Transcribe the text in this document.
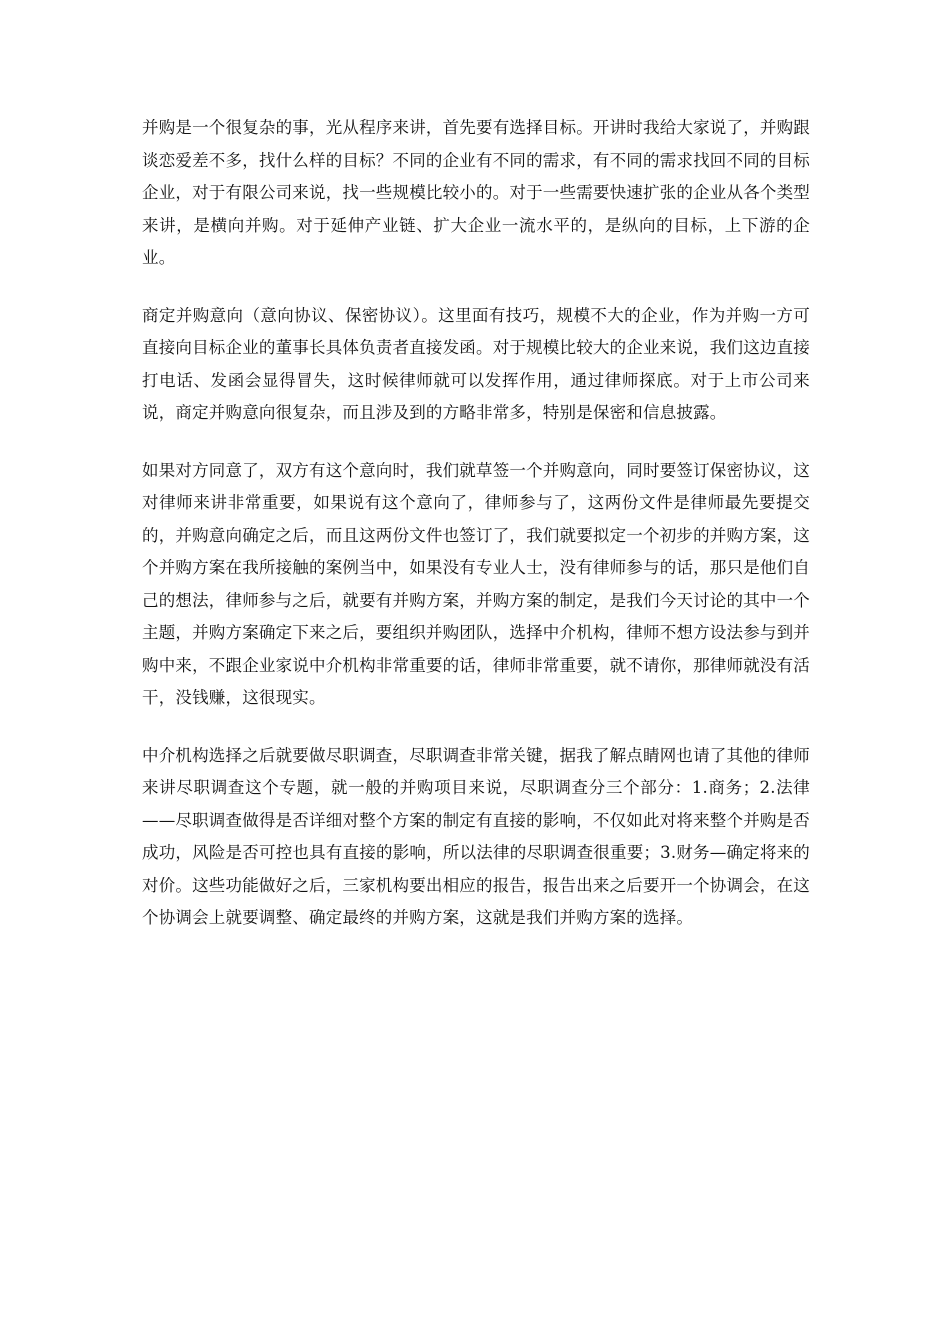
并购是一个很复杂的事，光从程序来讲，首先要有选择目标。开讲时我给大家说了，并购跟谈恋爱差不多，找什么样的目标？不同的企业有不同的需求，有不同的需求找回不同的目标企业，对于有限公司来说，找一些规模比较小的。对于一些需要快速扩张的企业从各个类型来讲，是横向并购。对于延伸产业链、扩大企业一流水平的，是纵向的目标，上下游的企业。

商定并购意向（意向协议、保密协议）。这里面有技巧，规模不大的企业，作为并购一方可直接向目标企业的董事长具体负责者直接发函。对于规模比较大的企业来说，我们这边直接打电话、发函会显得冒失，这时候律师就可以发挥作用，通过律师探底。对于上市公司来说，商定并购意向很复杂，而且涉及到的方略非常多，特别是保密和信息披露。

如果对方同意了，双方有这个意向时，我们就草签一个并购意向，同时要签订保密协议，这对律师来讲非常重要，如果说有这个意向了，律师参与了，这两份文件是律师最先要提交的，并购意向确定之后，而且这两份文件也签订了，我们就要拟定一个初步的并购方案，这个并购方案在我所接触的案例当中，如果没有专业人士，没有律师参与的话，那只是他们自己的想法，律师参与之后，就要有并购方案，并购方案的制定，是我们今天讨论的其中一个主题，并购方案确定下来之后，要组织并购团队，选择中介机构，律师不想方设法参与到并购中来，不跟企业家说中介机构非常重要的话，律师非常重要，就不请你，那律师就没有活干，没钱赚，这很现实。

中介机构选择之后就要做尽职调查，尽职调查非常关键，据我了解点睛网也请了其他的律师来讲尽职调查这个专题，就一般的并购项目来说，尽职调查分三个部分：1.商务；2.法律——尽职调查做得是否详细对整个方案的制定有直接的影响，不仅如此对将来整个并购是否成功，风险是否可控也具有直接的影响，所以法律的尽职调查很重要；3.财务—确定将来的对价。这些功能做好之后，三家机构要出相应的报告，报告出来之后要开一个协调会，在这个协调会上就要调整、确定最终的并购方案，这就是我们并购方案的选择。
